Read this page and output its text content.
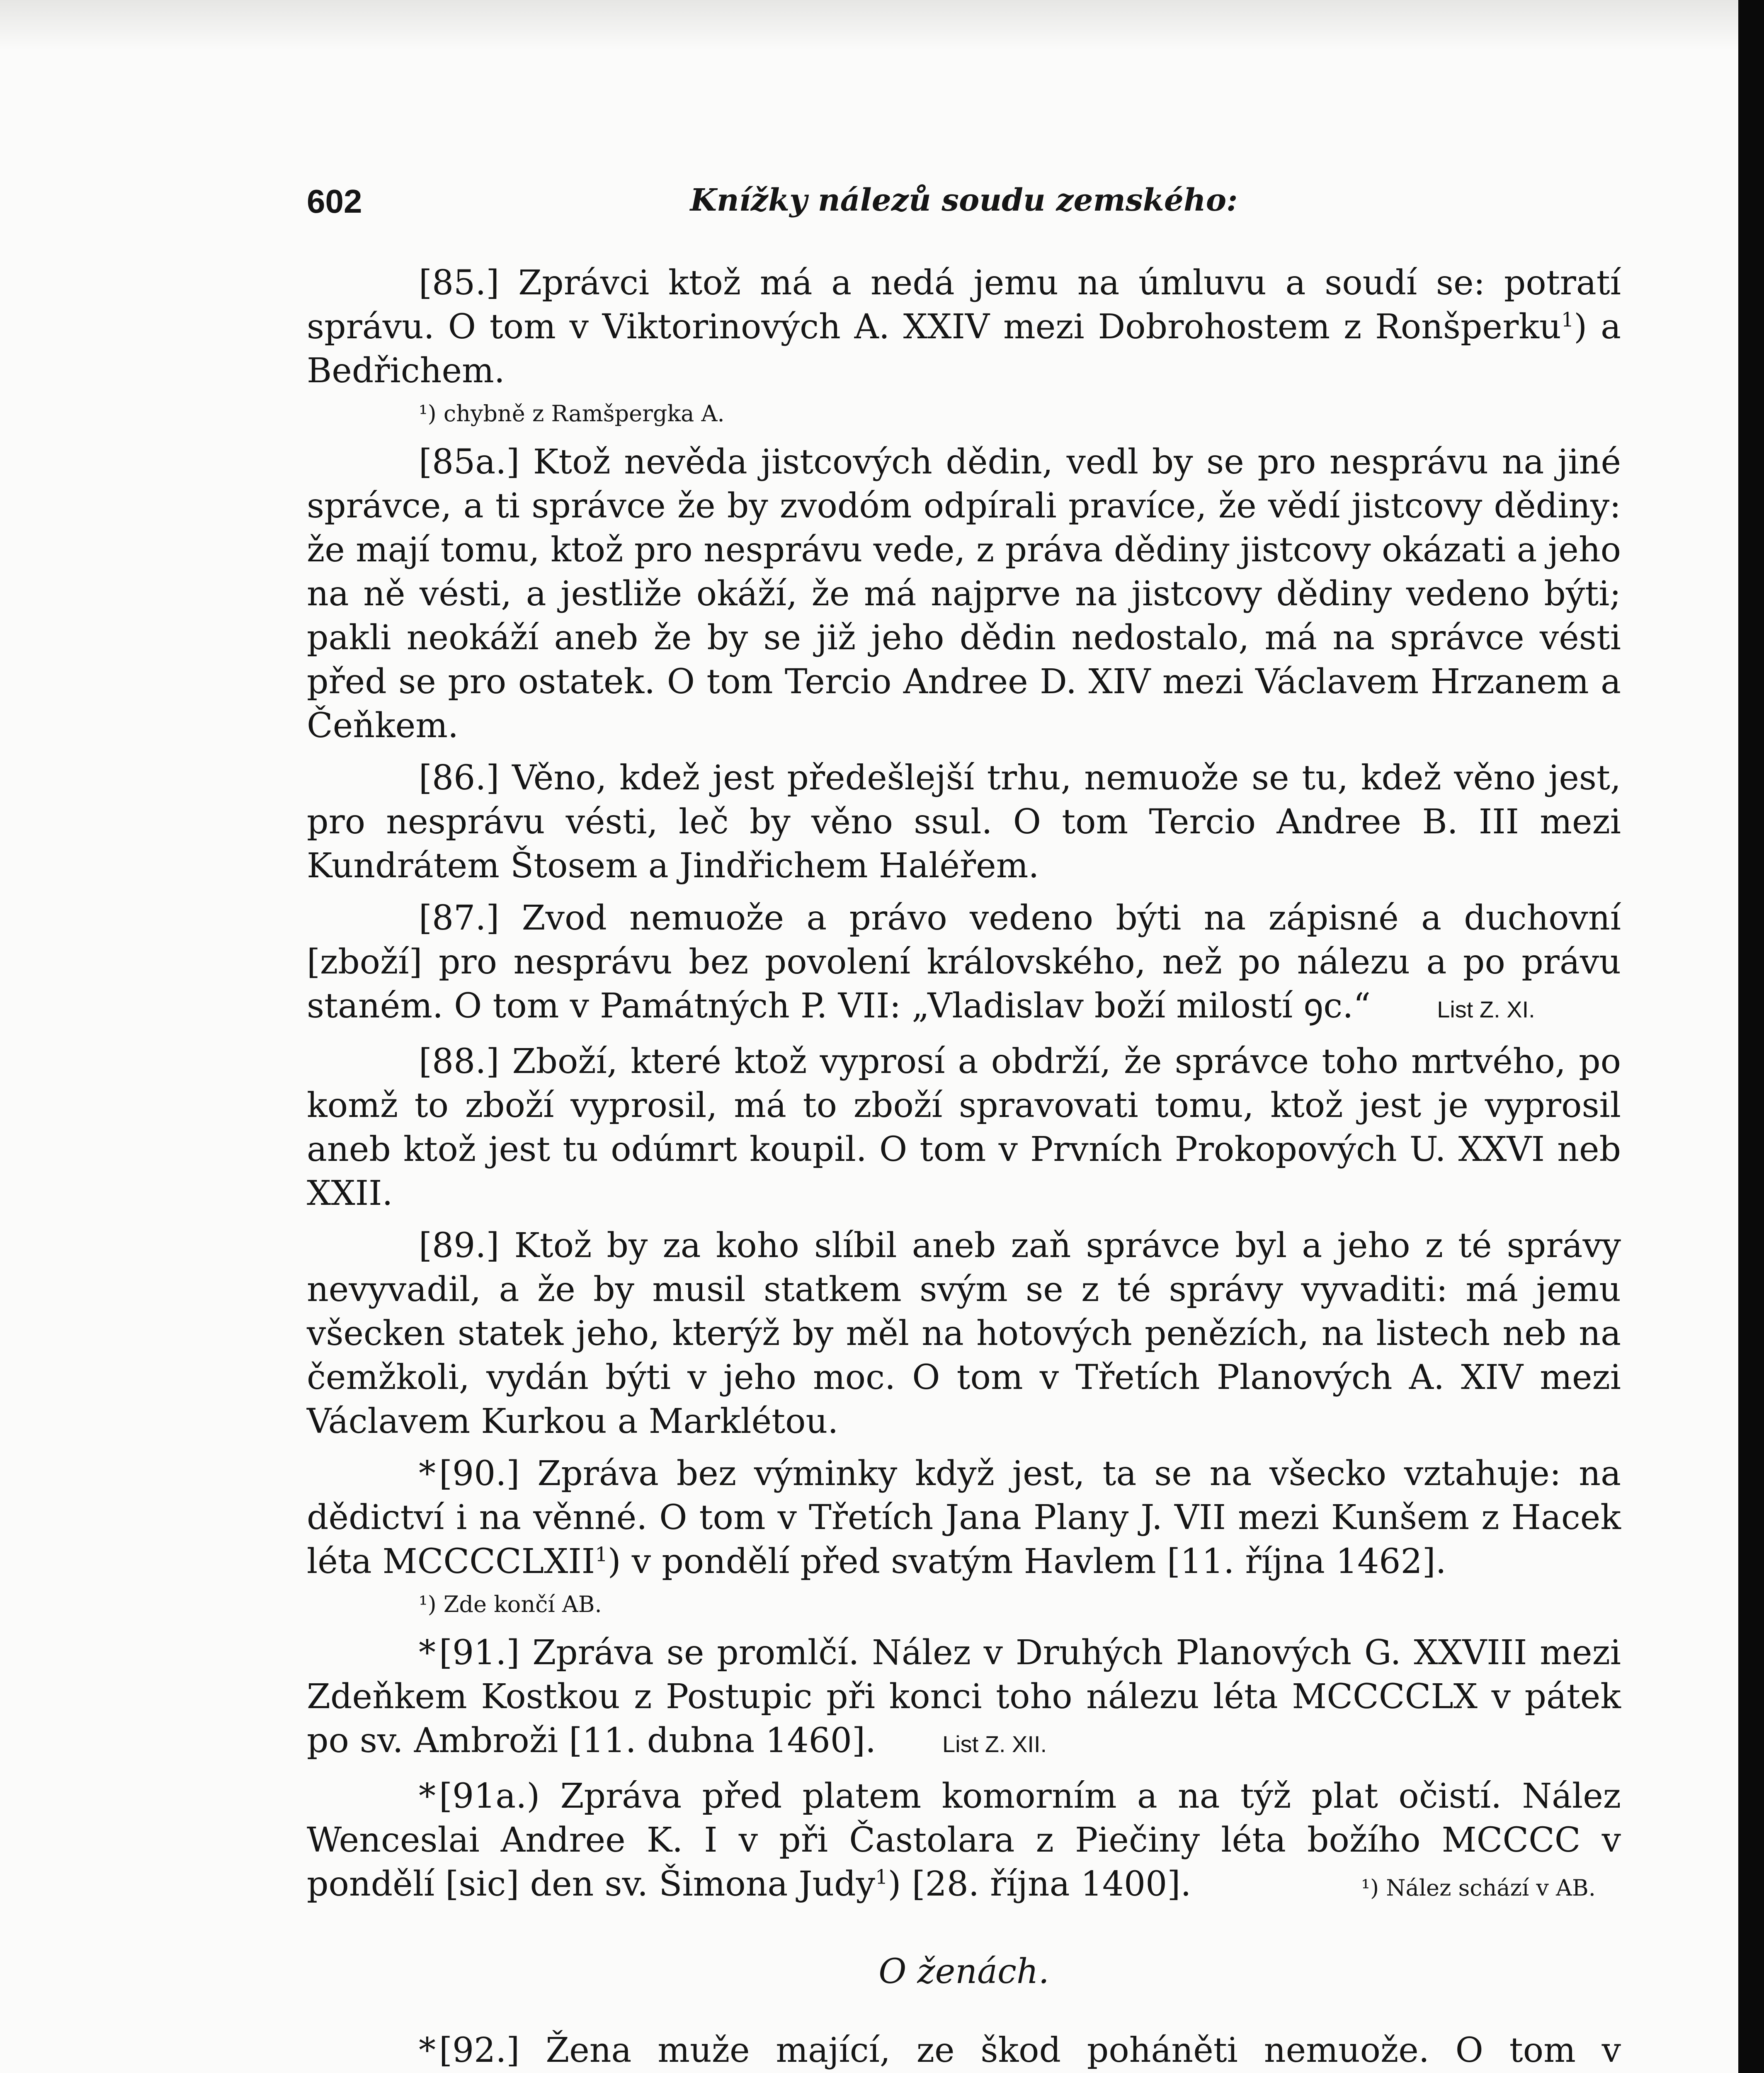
Knížky nálezů soudu zemského:
602

[85.] Zprávci ktož má a nedá jemu na úmluvu a soudí se: potratí správu. O tom v Viktorinových A. XXIV mezi Dobrohostem z Ronšperku$^1$) a Bedřichem.

¹) chybně z Ramšpergka A.

[85a.] Ktož nevěda jistcových dědin, vedl by se pro nesprávu na jiné správce, a ti správce že by zvodóm odpírali pravíce, že vědí jistcovy dědiny: že mají tomu, ktož pro nesprávu vede, z práva dědiny jistcovy okázati a jeho na ně vésti, a jestliže okáží, že má najprve na jistcovy dědiny vedeno býti; pakli neokáží aneb že by se již jeho dědin nedostalo, má na správce vésti před se pro ostatek. O tom Tercio Andree D. XIV mezi Václavem Hrzanem a Čeňkem.

[86.] Věno, kdež jest předešlejší trhu, nemuože se tu, kdež věno jest, pro nesprávu vésti, leč by věno ssul. O tom Tercio Andree B. III mezi Kundrátem Štosem a Jindřichem Haléřem.

[87.] Zvod nemuože a právo vedeno býti na zápisné a duchovní [zboží] pro nesprávu bez povolení královského, než po nálezu a po právu staném. O tom v Památných P. VII: „Vladislav boží milostí ꝯc.“	List Z. XI.

[88.] Zboží, které ktož vyprosí a obdrží, že správce toho mrtvého, po komž to zboží vyprosil, má to zboží spravovati tomu, ktož jest je vyprosil aneb ktož jest tu odúmrt koupil. O tom v Prvních Prokopových U. XXVI neb XXII.

[89.] Ktož by za koho slíbil aneb zaň správce byl a jeho z té správy nevyvadil, a že by musil statkem svým se z té správy vyvaditi: má jemu všecken statek jeho, kterýž by měl na hotových penězích, na listech neb na čemžkoli, vydán býti v jeho moc. O tom v Třetích Planových A. XIV mezi Václavem Kurkou a Marklétou.

*[90.] Zpráva bez výminky když jest, ta se na všecko vztahuje: na dědictví i na věnné. O tom v Třetích Jana Plany J. VII mezi Kunšem z Hacek léta MCCCCLXII$^1$) v pondělí před svatým Havlem [11. října 1462].

¹) Zde končí AB.

*[91.] Zpráva se promlčí. Nález v Druhých Planových G. XXVIII mezi Zdeňkem Kostkou z Postupic při konci toho nálezu léta MCCCCLX v pátek po sv. Ambroži [11. dubna 1460].	List Z. XII.

*[91a.) Zpráva před platem komorním a na týž plat očistí. Nález Wenceslai Andree K. I v při Častolara z Piečiny léta božího MCCCC v pondělí [sic] den sv. Šimona Judy$^1$) [28. října 1400].	¹) Nález schází v AB.

O ženách.

*[92.] Žena muže mající, ze škod poháněti nemuože. O tom v
